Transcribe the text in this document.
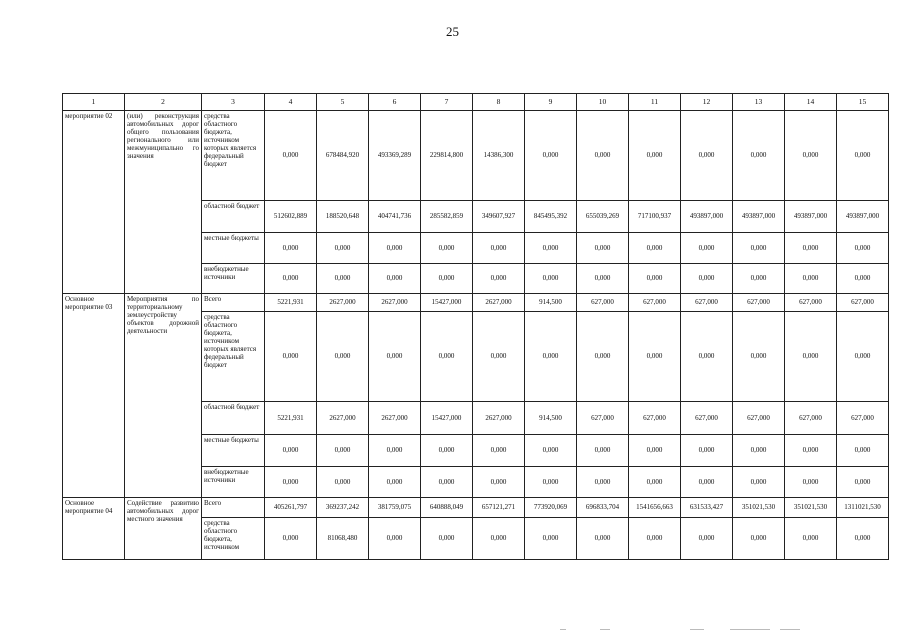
25
1	2	3	4	5	6	7	8	9	10	11	12	13	14	15
мероприятие 02	(или) реконструкция автомобильных дорог общего пользования регионального или межмуниципально го значения	средства областного бюджета, источником которых является федеральный бюджет	0,000	678484,920	493369,289	229814,800	14386,300	0,000	0,000	0,000	0,000	0,000	0,000	0,000
		областной бюджет	512602,889	188520,648	404741,736	285582,859	349607,927	845495,392	655039,269	717100,937	493897,000	493897,000	493897,000	493897,000
		местные бюджеты	0,000	0,000	0,000	0,000	0,000	0,000	0,000	0,000	0,000	0,000	0,000	0,000
		внебюджетные источники	0,000	0,000	0,000	0,000	0,000	0,000	0,000	0,000	0,000	0,000	0,000	0,000
Основное мероприятие 03	Мероприятия по территориальному землеустройству объектов дорожной деятельности	Всего	5221,931	2627,000	2627,000	15427,000	2627,000	914,500	627,000	627,000	627,000	627,000	627,000	627,000
		средства областного бюджета, источником которых является федеральный бюджет	0,000	0,000	0,000	0,000	0,000	0,000	0,000	0,000	0,000	0,000	0,000	0,000
		областной бюджет	5221,931	2627,000	2627,000	15427,000	2627,000	914,500	627,000	627,000	627,000	627,000	627,000	627,000
		местные бюджеты	0,000	0,000	0,000	0,000	0,000	0,000	0,000	0,000	0,000	0,000	0,000	0,000
		внебюджетные источники	0,000	0,000	0,000	0,000	0,000	0,000	0,000	0,000	0,000	0,000	0,000	0,000
Основное мероприятие 04	Содействие развитию автомобильных дорог местного значения	Всего	405261,797	369237,242	381759,075	640888,049	657121,271	773920,069	696833,704	1541656,663	631533,427	351021,530	351021,530	1311021,530
		средства областного бюджета, источником	0,000	81068,480	0,000	0,000	0,000	0,000	0,000	0,000	0,000	0,000	0,000	0,000
